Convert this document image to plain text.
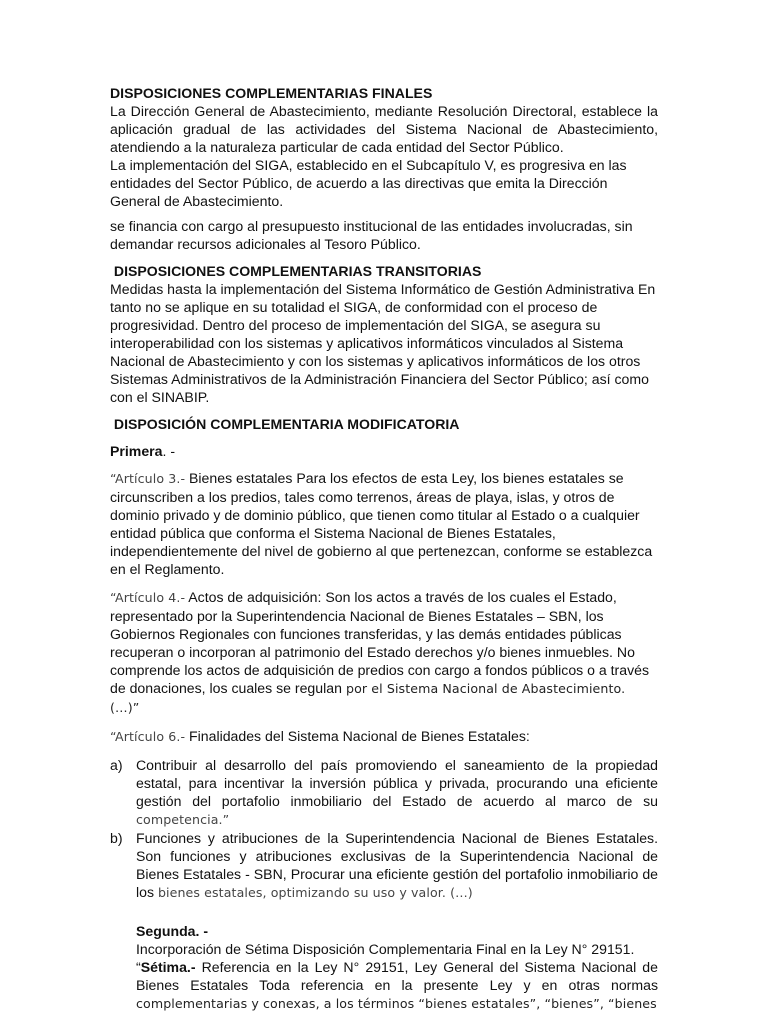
DISPOSICIONES COMPLEMENTARIAS FINALES

La Dirección General de Abastecimiento, mediante Resolución Directoral, establece la aplicación gradual de las actividades del Sistema Nacional de Abastecimiento, atendiendo a la naturaleza particular de cada entidad del Sector Público.

La implementación del SIGA, establecido en el Subcapítulo V, es progresiva en las entidades del Sector Público, de acuerdo a las directivas que emita la Dirección General de Abastecimiento.

se financia con cargo al presupuesto institucional de las entidades involucradas, sin demandar recursos adicionales al Tesoro Público.

DISPOSICIONES COMPLEMENTARIAS TRANSITORIAS

Medidas hasta la implementación del Sistema Informático de Gestión Administrativa En tanto no se aplique en su totalidad el SIGA, de conformidad con el proceso de progresividad. Dentro del proceso de implementación del SIGA, se asegura su interoperabilidad con los sistemas y aplicativos informáticos vinculados al Sistema Nacional de Abastecimiento y con los sistemas y aplicativos informáticos de los otros Sistemas Administrativos de la Administración Financiera del Sector Público; así como con el SINABIP.

DISPOSICIÓN COMPLEMENTARIA MODIFICATORIA

Primera. -

“Artículo 3.- Bienes estatales Para los efectos de esta Ley, los bienes estatales se circunscriben a los predios, tales como terrenos, áreas de playa, islas, y otros de dominio privado y de dominio público, que tienen como titular al Estado o a cualquier entidad pública que conforma el Sistema Nacional de Bienes Estatales, independientemente del nivel de gobierno al que pertenezcan, conforme se establezca en el Reglamento.

“Artículo 4.- Actos de adquisición: Son los actos a través de los cuales el Estado, representado por la Superintendencia Nacional de Bienes Estatales – SBN, los Gobiernos Regionales con funciones transferidas, y las demás entidades públicas recuperan o incorporan al patrimonio del Estado derechos y/o bienes inmuebles. No comprende los actos de adquisición de predios con cargo a fondos públicos o a través de donaciones, los cuales se regulan por el Sistema Nacional de Abastecimiento. (…)”

“Artículo 6.- Finalidades del Sistema Nacional de Bienes Estatales:

a) Contribuir al desarrollo del país promoviendo el saneamiento de la propiedad estatal, para incentivar la inversión pública y privada, procurando una eficiente gestión del portafolio inmobiliario del Estado de acuerdo al marco de su competencia.”
b) Funciones y atribuciones de la Superintendencia Nacional de Bienes Estatales. Son funciones y atribuciones exclusivas de la Superintendencia Nacional de Bienes Estatales - SBN, Procurar una eficiente gestión del portafolio inmobiliario de los bienes estatales, optimizando su uso y valor. (…)
Segunda. -
Incorporación de Sétima Disposición Complementaria Final en la Ley N° 29151.
“Sétima.- Referencia en la Ley N° 29151, Ley General del Sistema Nacional de Bienes Estatales Toda referencia en la presente Ley y en otras normas complementarias y conexas, a los términos “bienes estatales”, “bienes”, “bienes
